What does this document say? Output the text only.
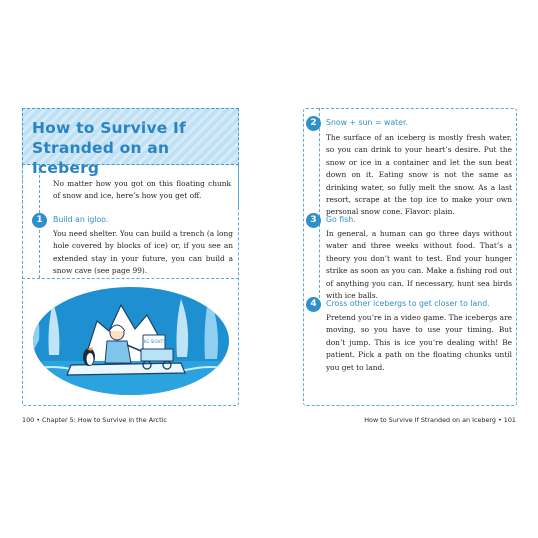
How to Survive If
Stranded on an Iceberg
No matter how you got on this floating chunk of snow and ice, here’s how you get off.
1	Build an igloo.
You need shelter. You can build a trench (a long hole covered by blocks of ice) or, if you see an extended stay in your future, you can build a snow cave (see page 99).
BIG SIGHTS
2	Snow + sun = water.
The surface of an iceberg is mostly fresh water, so you can drink to your heart’s desire. Put the snow or ice in a container and let the sun beat down on it. Eating snow is not the same as drinking water, so fully melt the snow. As a last resort, scrape at the top ice to make your own personal snow cone. Flavor: plain.
3	Go fish.
In general, a human can go three days without water and three weeks without food. That’s a theory you don’t want to test. End your hunger strike as soon as you can. Make a fishing rod out of anything you can. If necessary, hunt sea birds with ice balls.
4	Cross other icebergs to get closer to land.
Pretend you’re in a video game. The icebergs are moving, so you have to use your timing. But don’t jump. This is ice you’re dealing with! Be patient. Pick a path on the floating chunks until you get to land.
100 • Chapter 5: How to Survive in the Arctic	How to Survive If Stranded on an Iceberg • 101
